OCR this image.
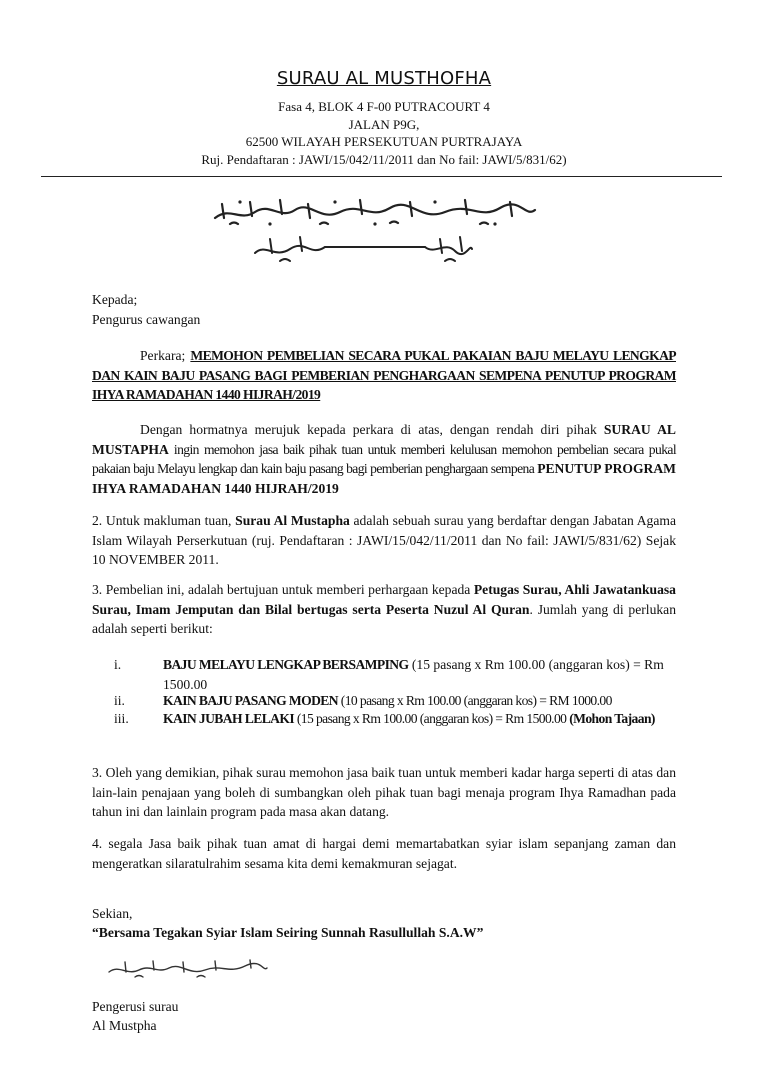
SURAU AL MUSTHOFHA
Fasa 4, BLOK 4 F-00 PUTRACOURT 4
JALAN P9G,
62500 WILAYAH PERSEKUTUAN PURTRAJAYA
Ruj. Pendaftaran : JAWI/15/042/11/2011 dan No fail: JAWI/5/831/62)
Kepada;
Pengurus cawangan
Perkara; MEMOHON PEMBELIAN SECARA PUKAL PAKAIAN BAJU MELAYU LENGKAP DAN KAIN BAJU PASANG BAGI PEMBERIAN PENGHARGAAN SEMPENA PENUTUP PROGRAM IHYA RAMADAHAN 1440 HIJRAH/2019
Dengan hormatnya merujuk kepada perkara di atas, dengan rendah diri pihak SURAU AL MUSTAPHA ingin memohon jasa baik pihak tuan untuk memberi kelulusan memohon pembelian secara pukal pakaian baju Melayu lengkap dan kain baju pasang bagi pemberian penghargaan sempena PENUTUP PROGRAM IHYA RAMADAHAN 1440 HIJRAH/2019
2. Untuk makluman tuan, Surau Al Mustapha adalah sebuah surau yang berdaftar dengan Jabatan Agama Islam Wilayah Perserkutuan (ruj. Pendaftaran : JAWI/15/042/11/2011 dan No fail: JAWI/5/831/62) Sejak 10 NOVEMBER 2011.
3. Pembelian ini, adalah bertujuan untuk memberi perhargaan kepada Petugas Surau, Ahli Jawatankuasa Surau, Imam Jemputan dan Bilal bertugas serta Peserta Nuzul Al Quran. Jumlah yang di perlukan adalah seperti berikut:
i.	BAJU MELAYU LENGKAP BERSAMPING (15 pasang x Rm 100.00 (anggaran kos) = Rm 1500.00
ii.	KAIN BAJU PASANG MODEN (10 pasang x Rm 100.00 (anggaran kos) = RM 1000.00
iii.	KAIN JUBAH LELAKI (15 pasang x Rm 100.00 (anggaran kos) = Rm 1500.00 (Mohon Tajaan)
3. Oleh yang demikian, pihak surau memohon jasa baik tuan untuk memberi kadar harga seperti di atas dan lain-lain penajaan yang boleh di sumbangkan oleh pihak tuan bagi menaja program Ihya Ramadhan pada tahun ini dan lainlain program pada masa akan datang.
4. segala Jasa baik pihak tuan amat di hargai demi memartabatkan syiar islam sepanjang zaman dan mengeratkan silaratulrahim sesama kita demi kemakmuran sejagat.
Sekian,
“Bersama Tegakan Syiar Islam Seiring Sunnah Rasullullah S.A.W”
Pengerusi surau
Al Mustpha
